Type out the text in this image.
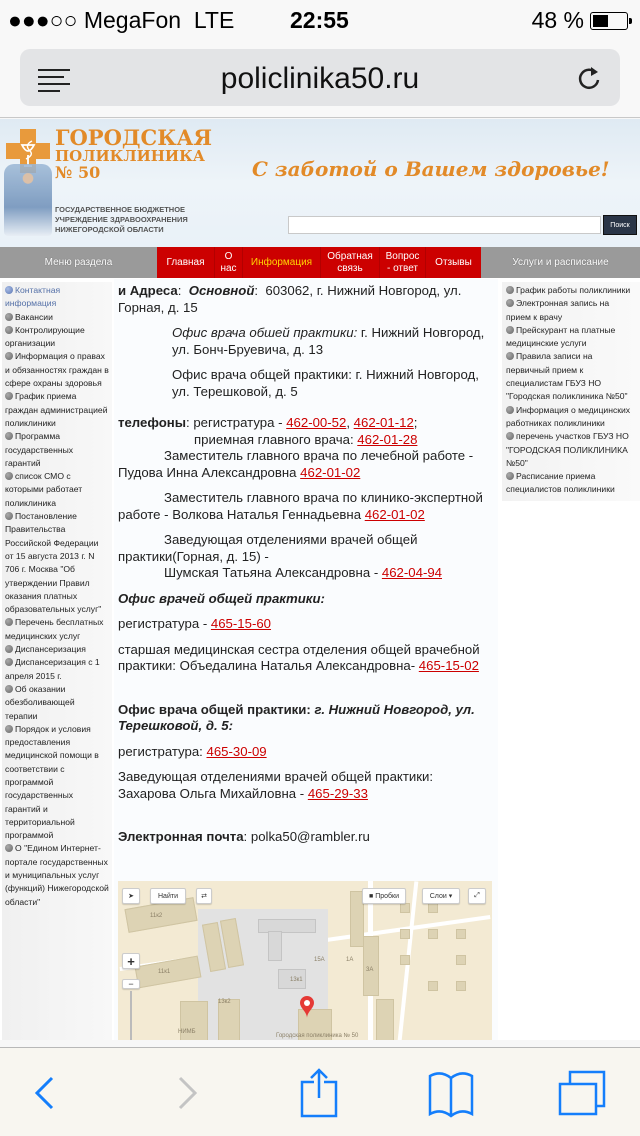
●●●○○ MegaFon LTE 22:55	48 %
policlinika50.ru
ГОРОДСКАЯ
ПОЛИКЛИНИКА
№ 50
ГОСУДАРСТВЕННОЕ БЮДЖЕТНОЕ
УЧРЕЖДЕНИЕ ЗДРАВООХРАНЕНИЯ
НИЖЕГОРОДСКОЙ ОБЛАСТИ
С заботой о Вашем здоровье!
Поиск
Меню раздела	Главная
О нас
Информация
Обратная связь
Вопрос - ответ
Отзывы	Услуги и расписание
Контактная информация
Вакансии
Контролирующие организации
Информация о правах и обязанностях граждан в сфере охраны здоровья
График приема граждан администрацией поликлиники
Программа государственных гарантий
список СМО с которыми работает поликлиника
Постановление Правительства Российской Федерации от 15 августа 2013 г. N 706 г. Москва "Об утверждении Правил оказания платных образовательных услуг"
Перечень бесплатных медицинских услуг
Диспансеризация
Диспансеризация с 1 апреля 2015 г.
Об оказании обезболивающей терапии
Порядок и условия предоставления медицинской помощи в соответствии с программой государственных гарантий и территориальной программой
О "Едином Интернет-портале государственных и муниципальных услуг (функций) Нижегородской области"
График работы поликлиники
Электронная запись на прием к врачу
Прейскурант на платные медицинские услуги
Правила записи на первичный прием к специалистам ГБУЗ НО "Городская поликлиника №50"
Информация о медицинских работниках поликлиники
перечень участков ГБУЗ НО "ГОРОДСКАЯ ПОЛИКЛИНИКА №50"
Расписание приема специалистов поликлиники

и Адреса:  Основной:  603062, г. Нижний Новгород, ул. Горная, д. 15

Офис врача обшей практики: г. Нижний Новгород, ул. Бонч-Бруевича, д. 13

Офис врача общей практики: г. Нижний Новгород, ул. Терешковой, д. 5

телефоны: регистратура - 462-00-52, 462-01-12;
приемная главного врача: 462-01-28

Заместитель главного врача по лечебной работе - Пудова Инна Александровна 462-01-02

Заместитель главного врача по клинико-экспертной работе - Волкова Наталья Геннадьевна 462-01-02

Заведующая отделениями врачей общей практики(Горная, д. 15) -

Шумская Татьяна Александровна - 462-04-94

Офис врачей общей практики:

регистратура - 465-15-60

старшая медицинская сестра отделения общей врачебной практики: Объедалина Наталья Александровна- 465-15-02

Офис врача общей практики: г. Нижний Новгород, ул. Терешковой, д. 5:

регистратура: 465-30-09

Заведующая отделениями врачей общей практики: Захарова Ольга Михайловна - 465-29-33

Электронная почта: polka50@rambler.ru

11к2
11к1
13к2
13к1
15А	1А
3А
НИМБ
Городская поликлиника № 50
➤	Найти	⇄	■ Пробки	Слои ▾	⤢
+
−
